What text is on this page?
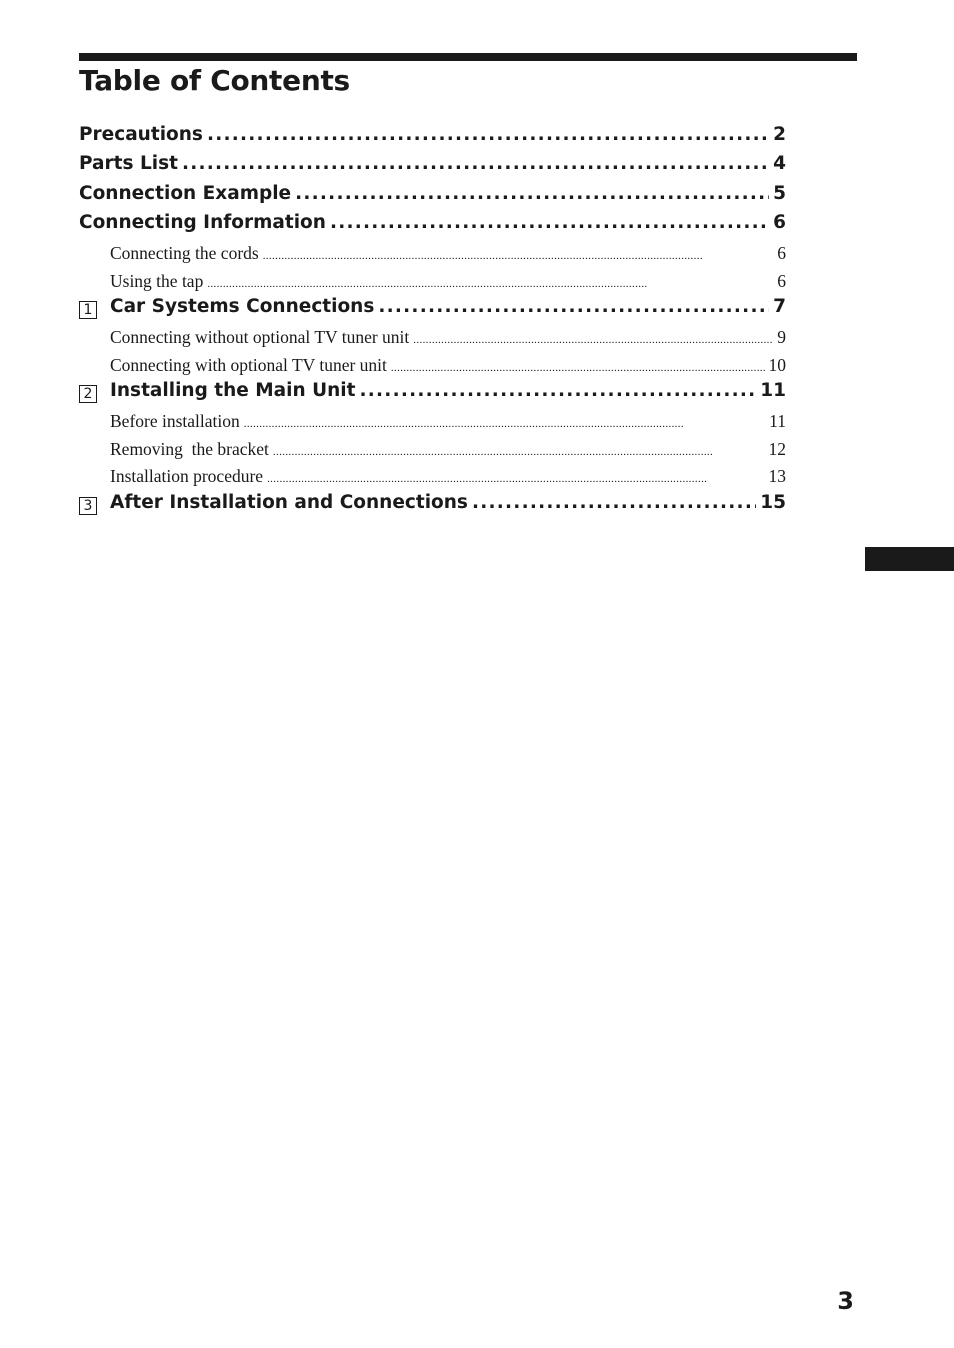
Table of Contents
Precautions . . .	2
Parts List . . .	4
Connection Example . . .	5
Connecting Information . . .	6
Connecting the cords . . .	6
Using the tap . . .	6
1 Car Systems Connections . . .	7
Connecting without optional TV tuner unit . . .	9
Connecting with optional TV tuner unit . . .	10
2 Installing the Main Unit . . .	11
Before installation . . .	11
Removing  the bracket . . .	12
Installation procedure . . .	13
3 After Installation and Connections . . .	15
3
